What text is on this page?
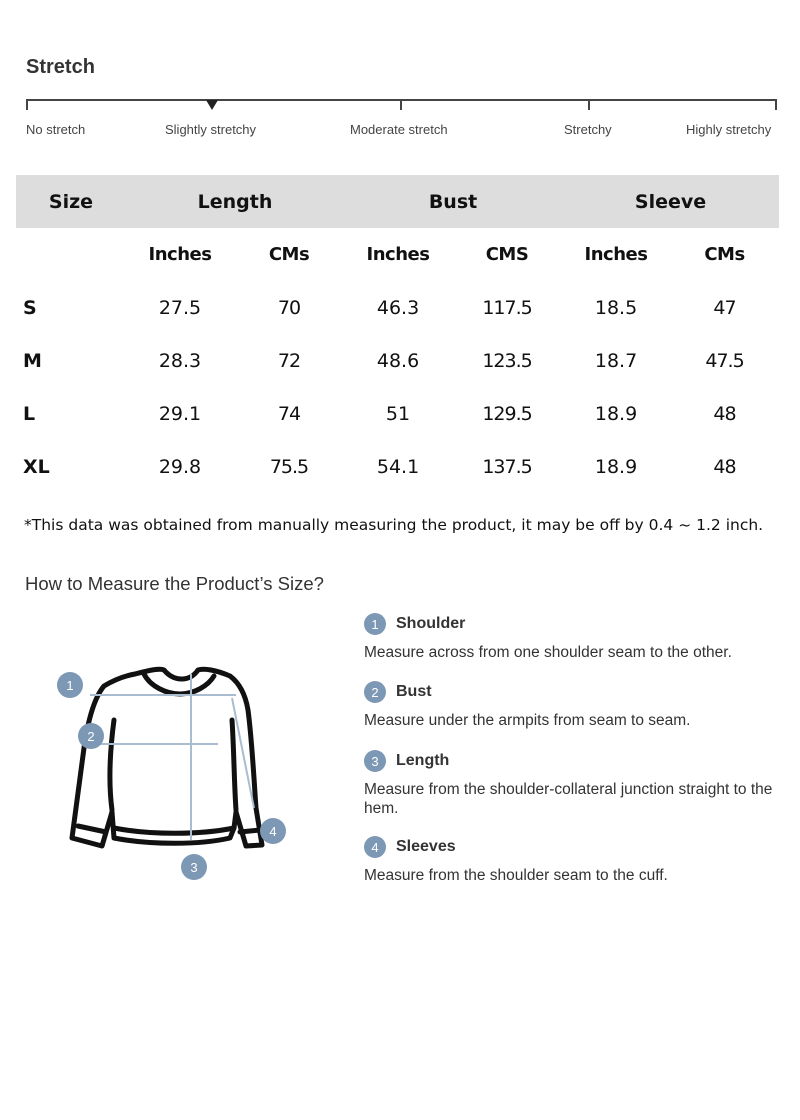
Stretch
No stretch	Slightly stretchy	Moderate stretch	Stretchy	Highly stretchy
Size	Length		Bust		Sleeve	
	Inches	CMs	Inches	CMS	Inches	CMs
S	27.5	70	46.3	117.5	18.5	47
M	28.3	72	48.6	123.5	18.7	47.5
L	29.1	74	51	129.5	18.9	48
XL	29.8	75.5	54.1	137.5	18.9	48
*This data was obtained from manually measuring the product, it may be off by 0.4 ~ 1.2 inch.
How to Measure the Product’s Size?
1
2
3
4
1	Shoulder
Measure across from one shoulder seam to the other.
2	Bust
Measure under the armpits from seam to seam.
3	Length
Measure from the shoulder-collateral junction straight to the hem.
4	Sleeves
Measure from the shoulder seam to the cuff.
